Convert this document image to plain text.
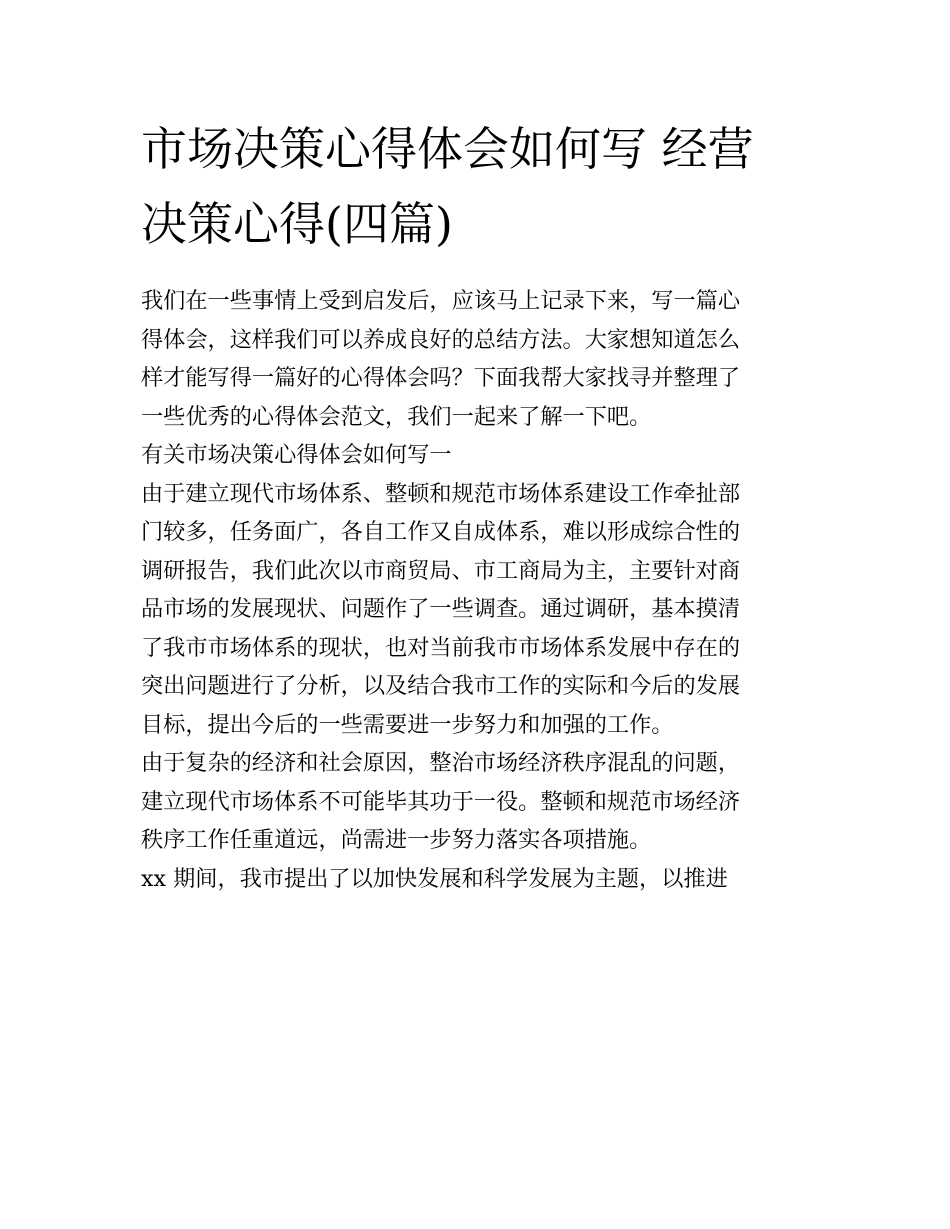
市场决策心得体会如何写 经营
决策心得(四篇)

我们在一些事情上受到启发后，应该马上记录下来，写一篇心
得体会，这样我们可以养成良好的总结方法。大家想知道怎么
样才能写得一篇好的心得体会吗？下面我帮大家找寻并整理了
一些优秀的心得体会范文，我们一起来了解一下吧。

有关市场决策心得体会如何写一

由于建立现代市场体系、整顿和规范市场体系建设工作牵扯部
门较多，任务面广，各自工作又自成体系，难以形成综合性的
调研报告，我们此次以市商贸局、市工商局为主，主要针对商
品市场的发展现状、问题作了一些调查。通过调研，基本摸清
了我市市场体系的现状，也对当前我市市场体系发展中存在的
突出问题进行了分析，以及结合我市工作的实际和今后的发展
目标，提出今后的一些需要进一步努力和加强的工作。

由于复杂的经济和社会原因，整治市场经济秩序混乱的问题，
建立现代市场体系不可能毕其功于一役。整顿和规范市场经济
秩序工作任重道远，尚需进一步努力落实各项措施。

xx 期间，我市提出了以加快发展和科学发展为主题，以推进
